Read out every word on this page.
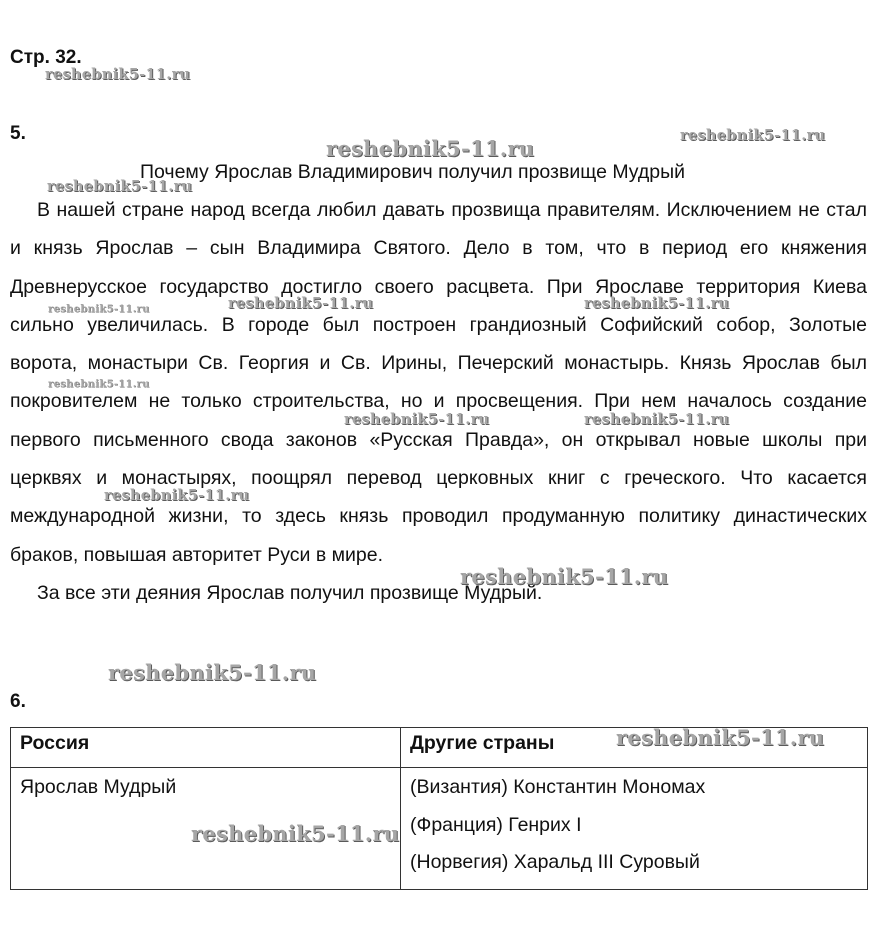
Стр. 32.
5.
Почему Ярослав Владимирович получил прозвище Мудрый

В нашей стране народ всегда любил давать прозвища правителям. Исключением не стал и князь Ярослав – сын Владимира Святого. Дело в том, что в период его княжения Древнерусское государство достигло своего расцвета. При Ярославе территория Киева сильно увеличилась. В городе был построен грандиозный Софийский собор, Золотые ворота, монастыри Св. Георгия и Св. Ирины, Печерский монастырь. Князь Ярослав был покровителем не только строительства, но и просвещения. При нем началось создание первого письменного свода законов «Русская Правда», он открывал новые школы при церквях и монастырях, поощрял перевод церковных книг с греческого. Что касается международной жизни, то здесь князь проводил продуманную политику династических браков, повышая авторитет Руси в мире.

За все эти деяния Ярослав получил прозвище Мудрый.

6.
Россия	Другие страны

Ярослав Мудрый	(Византия) Константин Мономах
(Франция) Генрих I
(Норвегия) Харальд III Суровый
reshebnik5-11.ru
reshebnik5-11.ru
reshebnik5-11.ru
reshebnik5-11.ru
reshebnik5-11.ru	reshebnik5-11.ru	reshebnik5-11.ru
reshebnik5-11.ru
reshebnik5-11.ru	reshebnik5-11.ru
reshebnik5-11.ru
reshebnik5-11.ru
reshebnik5-11.ru
reshebnik5-11.ru
reshebnik5-11.ru
